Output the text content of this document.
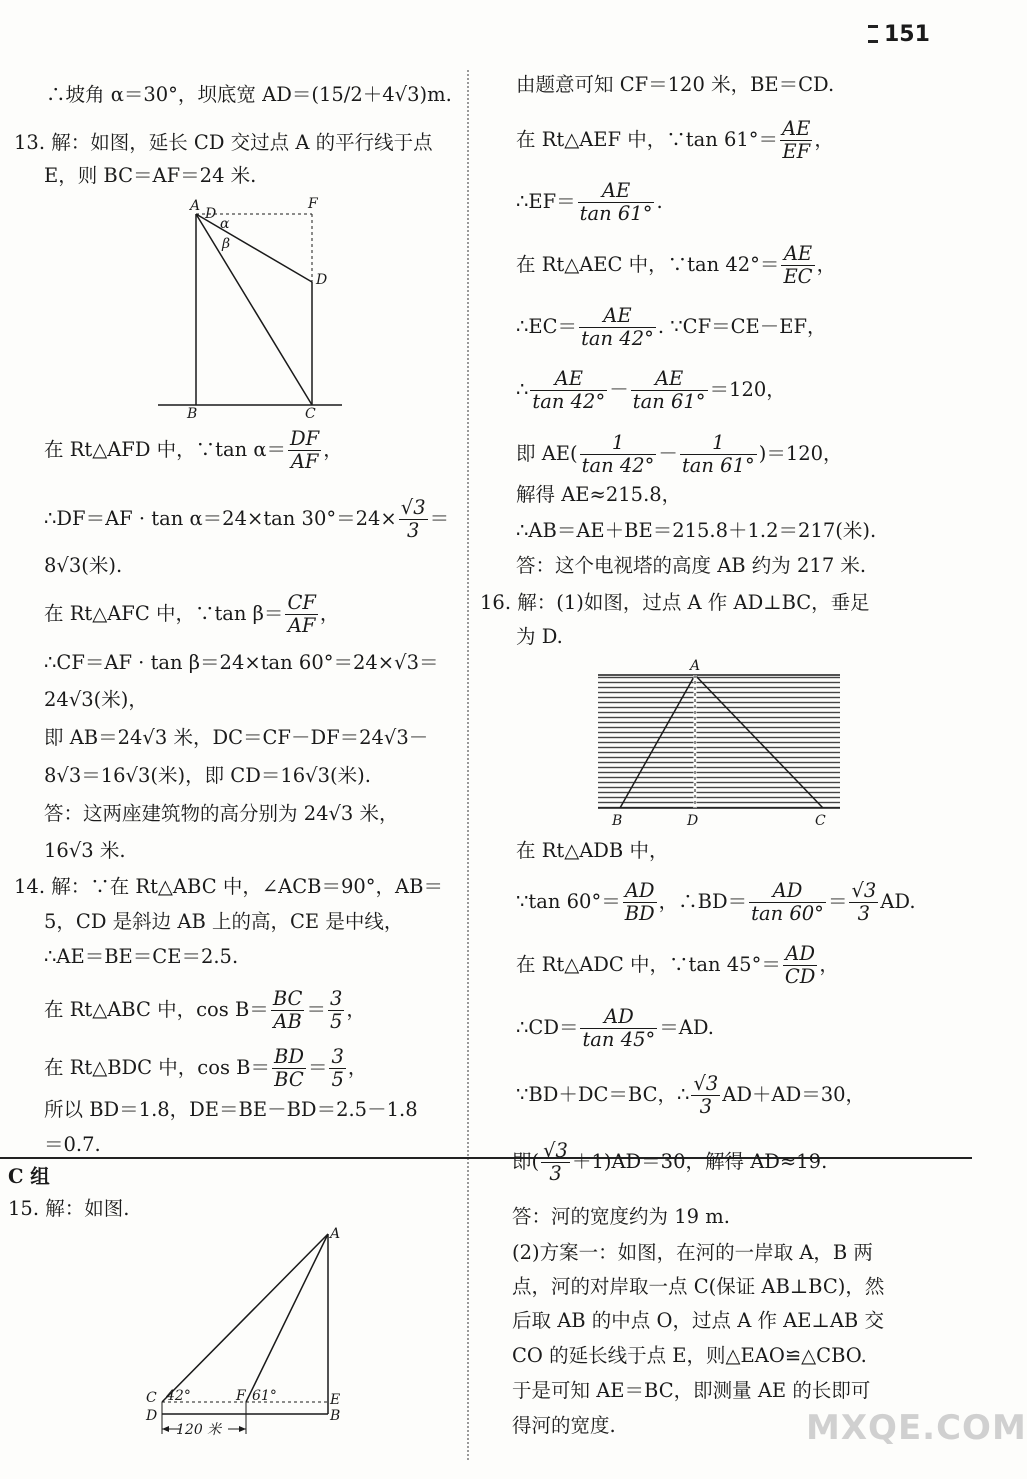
151
∴坡角 α＝30°，坝底宽 AD＝(15/2＋4√3)m.
13. 解：如图，延长 CD 交过点 A 的平行线于点
E，则 BC＝AF＝24 米.
A D
α
β
F
D
B	C
在 Rt△AFD 中，∵tan $\alpha= \frac{DF}{AF}$ ，
∴DF＝AF · tan α＝24×tan $30^\circ=24\times \frac{√3}{3}$ ＝
8√3(米).
在 Rt△AFC 中，∵tan $\beta= \frac{CF}{AF}$ ，
∴CF＝AF · tan β＝24×tan 60°＝24×√3＝
24√3(米)，
即 AB＝24√3 米，DC＝CF－DF＝24√3－
8√3＝16√3(米)，即 CD＝16√3(米).
答：这两座建筑物的高分别为 24√3 米，
16√3 米.
14. 解：∵在 Rt△ABC 中，∠ACB＝90°，AB＝
5，CD 是斜边 AB 上的高，CE 是中线，
∴AE＝BE＝CE＝2.5.
在 Rt△ABC 中，$\cos B= \frac{BC}{AB} = \frac{3}{5}$ ，
在 Rt△BDC 中，$\cos B= \frac{BD}{BC} = \frac{3}{5}$ ，
所以 BD＝1.8，DE＝BE－BD＝2.5－1.8
＝0.7.
C 组
15. 解：如图.
A
C 42°	F 61°	E
D	B
120 米
由题意可知 CF＝120 米，BE＝CD.
在 Rt△AEF 中，∵tan $61^\circ= \frac{AE}{EF}$ ，
∴EF＝ $\frac{AE}{\tan 61^\circ}$ .
在 Rt△AEC 中，∵tan $42^\circ= \frac{AE}{EC}$ ，
∴EC＝ $\frac{AE}{\tan 42^\circ}$ . ∵CF＝CE－EF，
∴ $\frac{AE}{\tan 42^\circ} - \frac{AE}{\tan 61^\circ} =120$，
即 $AE( \frac{1}{\tan 42^\circ} - \frac{1}{\tan 61^\circ} )=120$，
解得 AE≈215.8，
∴AB＝AE＋BE＝215.8＋1.2＝217(米).
答：这个电视塔的高度 AB 约为 217 米.
16. 解：(1)如图，过点 A 作 AD⊥BC，垂足
为 D.
A
B	D	C
在 Rt△ADB 中，
∵tan $60^\circ= \frac{AD}{BD}$ ，∴BD＝ $\frac{AD}{\tan 60^\circ} = \frac{√3}{3}$ AD.
在 Rt△ADC 中，∵tan $45^\circ= \frac{AD}{CD}$ ，
∴CD＝ $\frac{AD}{\tan 45^\circ} =AD$.
∵BD＋DC＝BC，∴ $\frac{√3}{3} AD+AD=30$，
即( $\frac{√3}{3} +1)AD=30$，解得 AD≈19.
答：河的宽度约为 19 m.
(2)方案一：如图，在河的一岸取 A，B 两
点，河的对岸取一点 C(保证 AB⊥BC)，然
后取 AB 的中点 O，过点 A 作 AE⊥AB 交
CO 的延长线于点 E，则△EAO≌△CBO.
于是可知 AE＝BC，即测量 AE 的长即可
得河的宽度.	MXQE.COM
